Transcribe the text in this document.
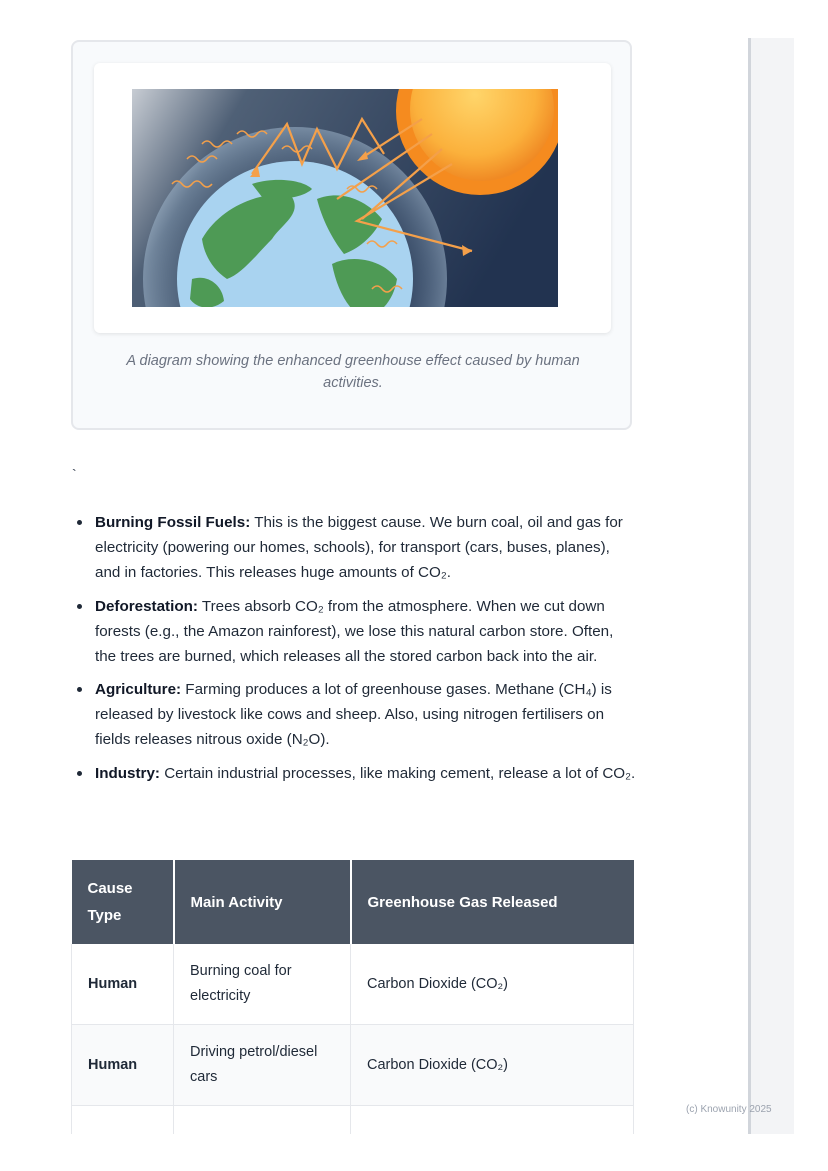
A diagram showing the enhanced greenhouse effect caused by human activities.
`
Burning Fossil Fuels: This is the biggest cause. We burn coal, oil and gas for electricity (powering our homes, schools), for transport (cars, buses, planes), and in factories. This releases huge amounts of CO₂.
Deforestation: Trees absorb CO₂ from the atmosphere. When we cut down forests (e.g., the Amazon rainforest), we lose this natural carbon store. Often, the trees are burned, which releases all the stored carbon back into the air.
Agriculture: Farming produces a lot of greenhouse gases. Methane (CH₄) is released by livestock like cows and sheep. Also, using nitrogen fertilisers on fields releases nitrous oxide (N₂O).
Industry: Certain industrial processes, like making cement, release a lot of CO₂.
Cause Type	Main Activity	Greenhouse Gas Released
Human	Burning coal for electricity	Carbon Dioxide (CO₂)
Human	Driving petrol/diesel cars	Carbon Dioxide (CO₂)

(c) Knowunity 2025
